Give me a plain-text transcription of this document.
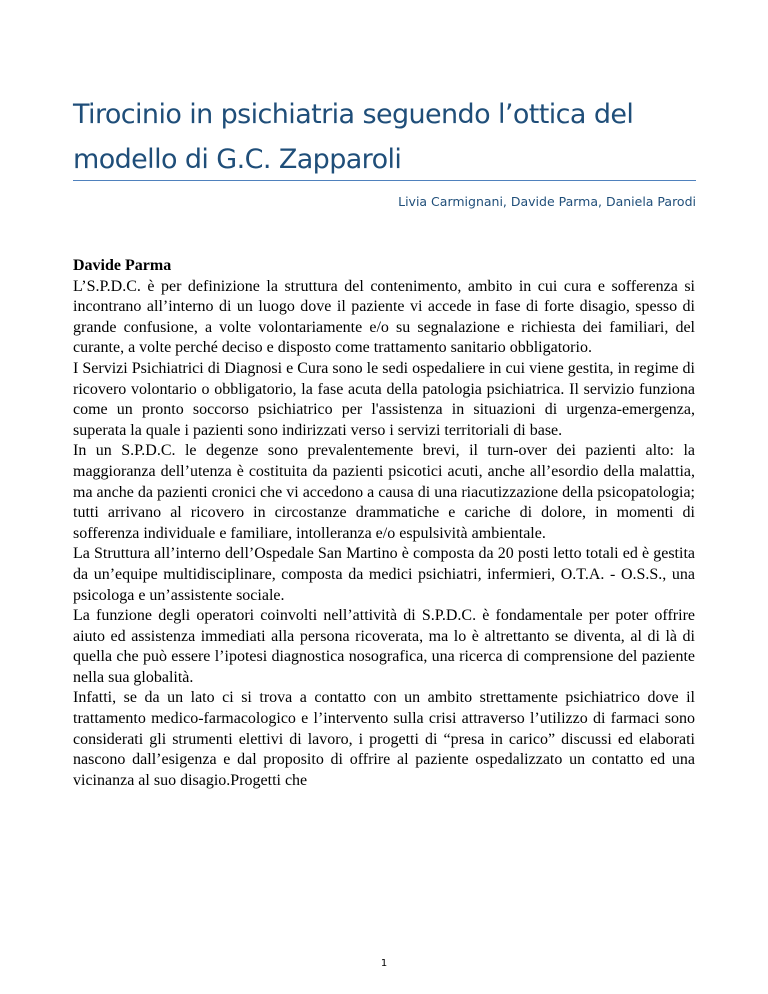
Tirocinio in psichiatria seguendo l’ottica del modello di G.C. Zapparoli
Livia Carmignani, Davide Parma, Daniela Parodi

Davide Parma

L’S.P.D.C. è per definizione la struttura del contenimento, ambito in cui cura e sofferenza si incontrano all’interno di un luogo dove il paziente vi accede in fase di forte disagio, spesso di grande confusione, a volte volontariamente e/o su segnalazione e richiesta dei familiari, del curante, a volte perché deciso e disposto come trattamento sanitario obbligatorio.

I Servizi Psichiatrici di Diagnosi e Cura sono le sedi ospedaliere in cui viene gestita, in regime di ricovero volontario o obbligatorio, la fase acuta della patologia psichiatrica. Il servizio funziona come un pronto soccorso psichiatrico per l'assistenza in situazioni di urgenza-emergenza, superata la quale i pazienti sono indirizzati verso i servizi territoriali di base.

In un S.P.D.C. le degenze sono prevalentemente brevi, il turn-over dei pazienti alto: la maggioranza dell’utenza è costituita da pazienti psicotici acuti, anche all’esordio della malattia, ma anche da pazienti cronici che vi accedono a causa di una riacutizzazione della psicopatologia; tutti arrivano al ricovero in circostanze drammatiche e cariche di dolore, in momenti di sofferenza individuale e familiare, intolleranza e/o espulsività ambientale.

La Struttura all’interno dell’Ospedale San Martino è composta da 20 posti letto totali ed è gestita da un’equipe multidisciplinare, composta da medici psichiatri, infermieri, O.T.A. - O.S.S., una psicologa e un’assistente sociale.

La funzione degli operatori coinvolti nell’attività di S.P.D.C. è fondamentale per poter offrire aiuto ed assistenza immediati alla persona ricoverata, ma lo è altrettanto se diventa, al di là di quella che può essere l’ipotesi diagnostica nosografica, una ricerca di comprensione del paziente nella sua globalità.

Infatti, se da un lato ci si trova a contatto con un ambito strettamente psichiatrico dove il trattamento medico-farmacologico e l’intervento sulla crisi attraverso l’utilizzo di farmaci sono considerati gli strumenti elettivi di lavoro, i progetti di “presa in carico” discussi ed elaborati nascono dall’esigenza e dal proposito di offrire al paziente ospedalizzato un contatto ed una vicinanza al suo disagio.Progetti che

1
